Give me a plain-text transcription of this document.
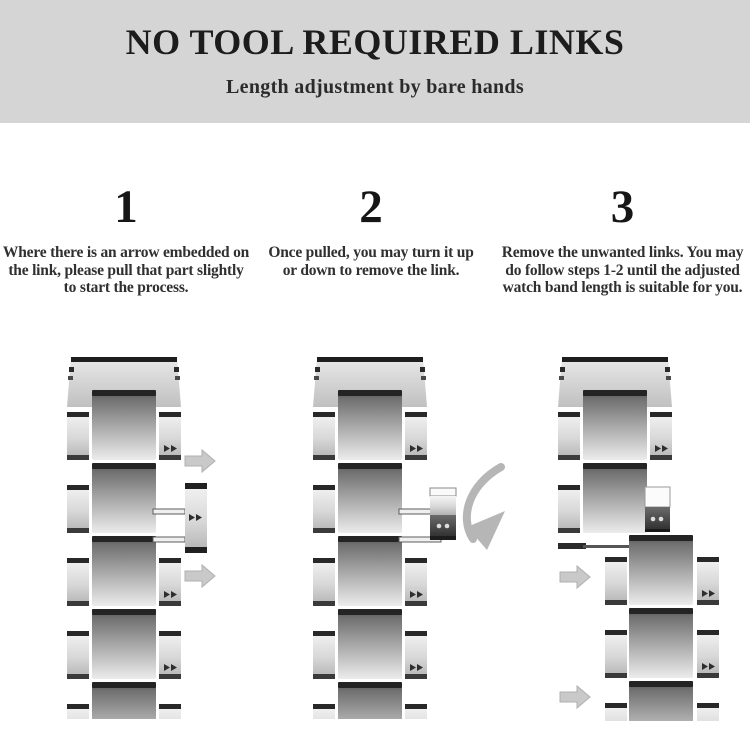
NO TOOL REQUIRED LINKS
Length adjustment by bare hands
1
Where there is an arrow embedded on the link, please pull that part slightly to start the process.
2
Once pulled, you may turn it up or down to remove the link.
3
Remove the unwanted links. You may do follow steps 1-2 until the adjusted watch band length is suitable for you.
